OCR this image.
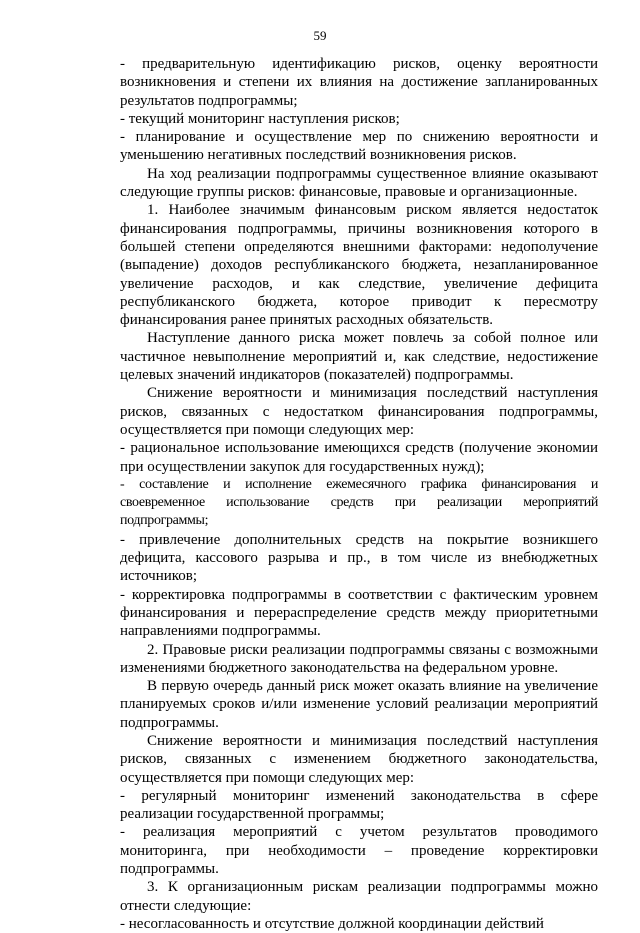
59

- предварительную идентификацию рисков, оценку вероятности возникновения и степени их влияния на достижение запланированных результатов подпрограммы;

- текущий мониторинг наступления рисков;

- планирование и осуществление мер по снижению вероятности и уменьшению негативных последствий возникновения рисков.

На ход реализации подпрограммы существенное влияние оказывают следующие группы рисков: финансовые, правовые и организационные.

1. Наиболее значимым финансовым риском является недостаток финансирования подпрограммы, причины возникновения которого в большей степени определяются внешними факторами: недополучение (выпадение) доходов республиканского бюджета, незапланированное увеличение расходов, и как следствие, увеличение дефицита республиканского бюджета, которое приводит к пересмотру финансирования ранее принятых расходных обязательств.

Наступление данного риска может повлечь за собой полное или частичное невыполнение мероприятий и, как следствие, недостижение целевых значений индикаторов (показателей) подпрограммы.

Снижение вероятности и минимизация последствий наступления рисков, связанных с недостатком финансирования подпрограммы, осуществляется при помощи следующих мер:

- рациональное использование имеющихся средств (получение экономии при осуществлении закупок для государственных нужд);

- составление и исполнение ежемесячного графика финансирования и своевременное использование средств при реализации мероприятий подпрограммы;

- привлечение дополнительных средств на покрытие возникшего дефицита, кассового разрыва и пр., в том числе из внебюджетных источников;

- корректировка подпрограммы в соответствии с фактическим уровнем финансирования и перераспределение средств между приоритетными направлениями подпрограммы.

2. Правовые риски реализации подпрограммы связаны с возможными изменениями бюджетного законодательства на федеральном уровне.

В первую очередь данный риск может оказать влияние на увеличение планируемых сроков и/или изменение условий реализации мероприятий подпрограммы.

Снижение вероятности и минимизация последствий наступления рисков, связанных с изменением бюджетного законодательства, осуществляется при помощи следующих мер:

- регулярный мониторинг изменений законодательства в сфере реализации государственной программы;

- реализация мероприятий с учетом результатов проводимого мониторинга, при необходимости – проведение корректировки подпрограммы.

3. К организационным рискам реализации подпрограммы можно отнести следующие:

- несогласованность и отсутствие должной координации действий
